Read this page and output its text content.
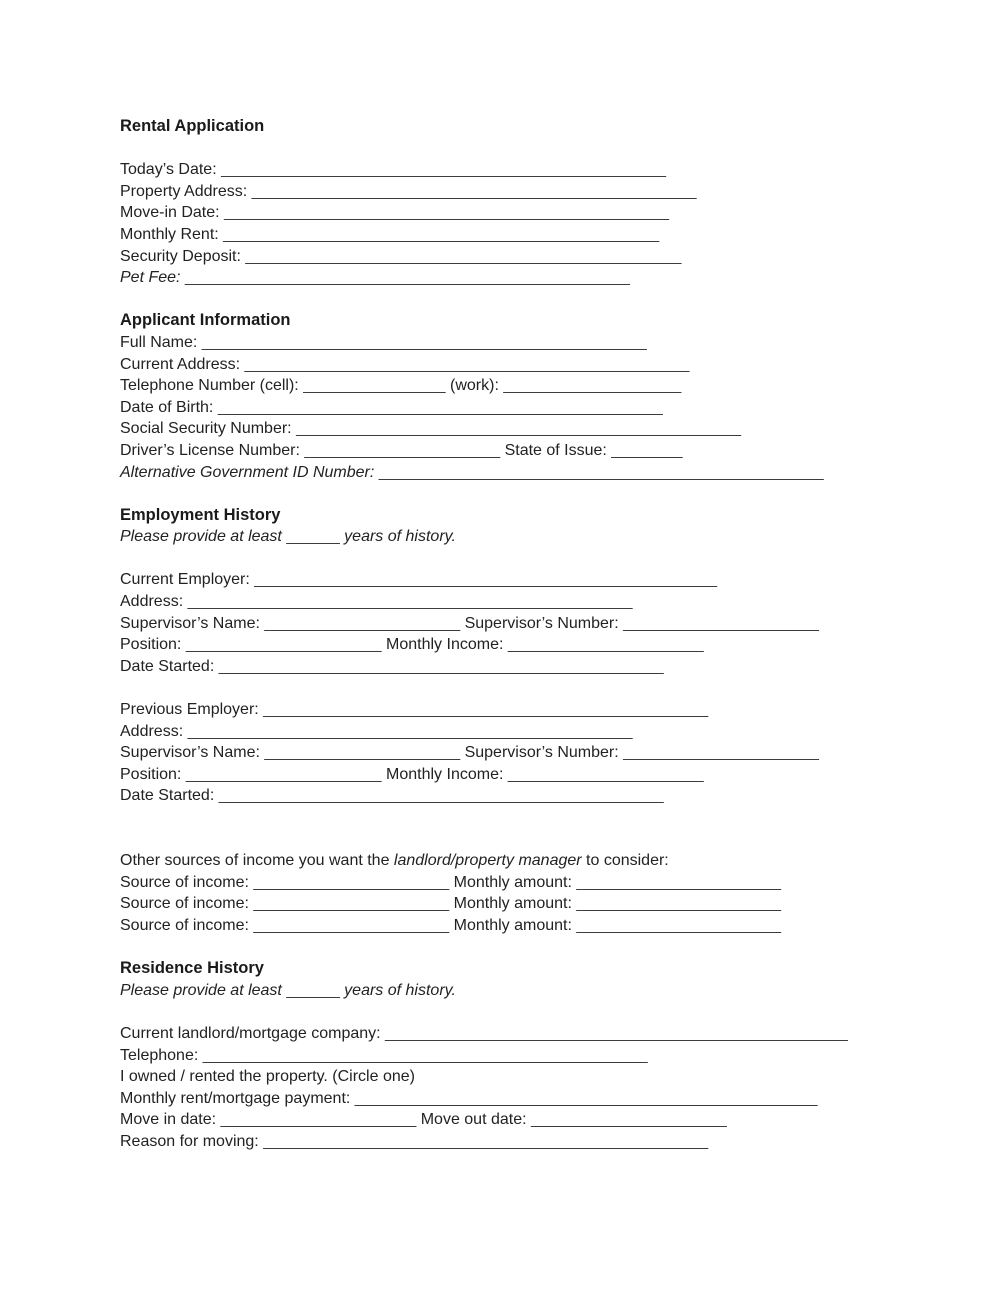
Rental Application
Today’s Date: __________________________________________________
Property Address: __________________________________________________
Move-in Date: __________________________________________________
Monthly Rent: _________________________________________________
Security Deposit: _________________________________________________
Pet Fee: __________________________________________________
Applicant Information
Full Name: __________________________________________________
Current Address: __________________________________________________
Telephone Number (cell): ________________ (work): ____________________
Date of Birth: __________________________________________________
Social Security Number: __________________________________________________
Driver’s License Number: ______________________ State of Issue: ________
Alternative Government ID Number: __________________________________________________
Employment History
Please provide at least ______ years of history.
Current Employer: ____________________________________________________
Address: __________________________________________________
Supervisor’s Name: ______________________ Supervisor’s Number: ______________________
Position: ______________________ Monthly Income: ______________________
Date Started: __________________________________________________
Previous Employer: __________________________________________________
Address: __________________________________________________
Supervisor’s Name: ______________________ Supervisor’s Number: ______________________
Position: ______________________ Monthly Income: ______________________
Date Started: __________________________________________________
Other sources of income you want the landlord/property manager to consider:
Source of income: ______________________ Monthly amount: _______________________
Source of income: ______________________ Monthly amount: _______________________
Source of income: ______________________ Monthly amount: _______________________
Residence History
Please provide at least ______ years of history.
Current landlord/mortgage company: ____________________________________________________
Telephone: __________________________________________________
I owned / rented the property. (Circle one)
Monthly rent/mortgage payment: ____________________________________________________
Move in date: ______________________ Move out date: ______________________
Reason for moving: __________________________________________________
